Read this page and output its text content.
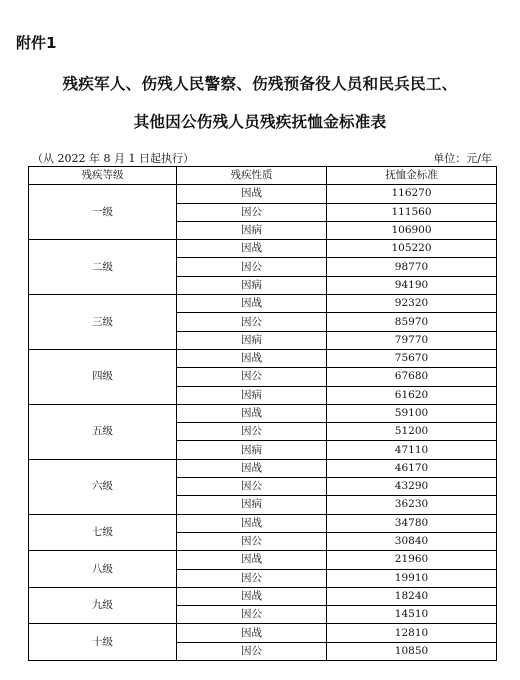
附件1
残疾军人、伤残人民警察、伤残预备役人员和民兵民工、
其他因公伤残人员残疾抚恤金标准表
（从 2022 年 8 月 1 日起执行）	单位：元/年
残疾等级	残疾性质	抚恤金标准
一级	因战	116270
	因公	111560
	因病	106900
二级	因战	105220
	因公	98770
	因病	94190
三级	因战	92320
	因公	85970
	因病	79770
四级	因战	75670
	因公	67680
	因病	61620
五级	因战	59100
	因公	51200
	因病	47110
六级	因战	46170
	因公	43290
	因病	36230
七级	因战	34780
	因公	30840
八级	因战	21960
	因公	19910
九级	因战	18240
	因公	14510
十级	因战	12810
	因公	10850
